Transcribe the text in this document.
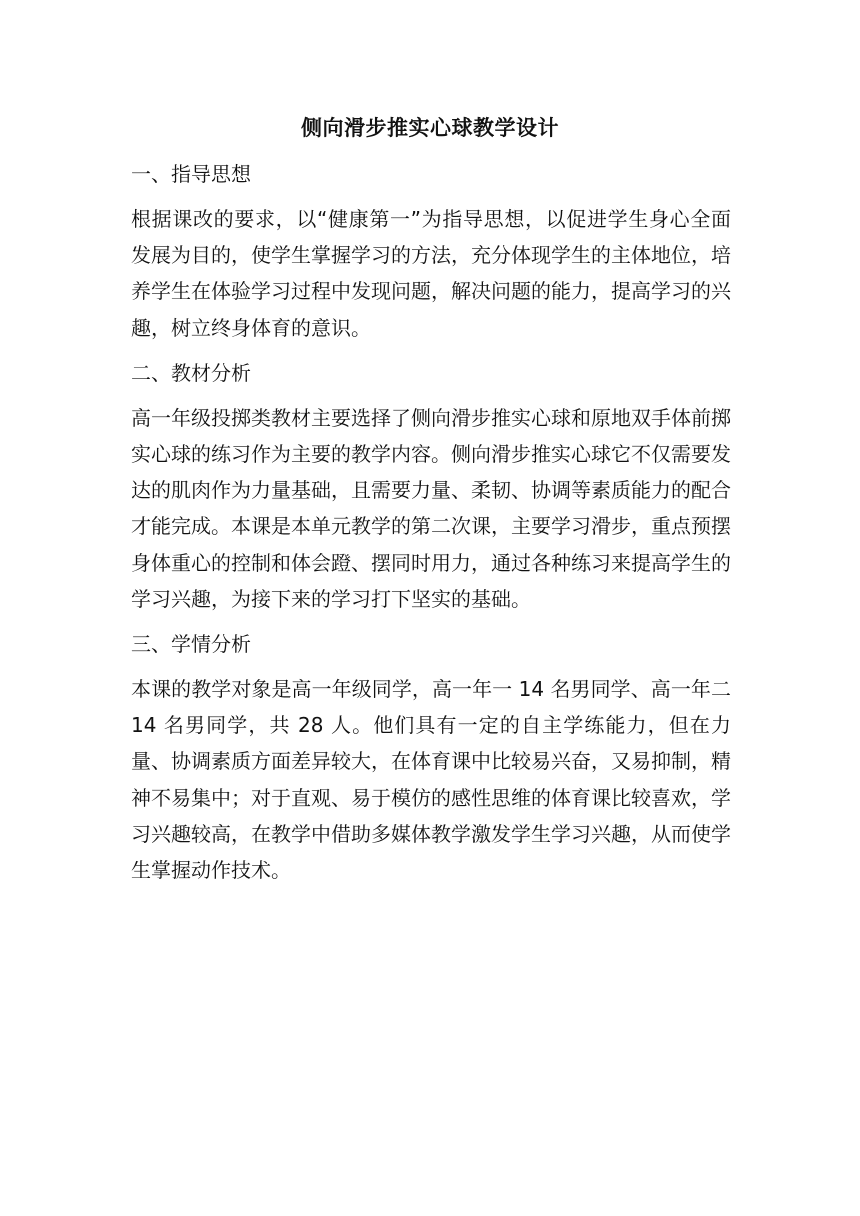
侧向滑步推实心球教学设计
一、指导思想
根据课改的要求，以“健康第一”为指导思想，以促进学生身心全面发展为目的，使学生掌握学习的方法，充分体现学生的主体地位，培养学生在体验学习过程中发现问题，解决问题的能力，提高学习的兴趣，树立终身体育的意识。
二、教材分析
高一年级投掷类教材主要选择了侧向滑步推实心球和原地双手体前掷实心球的练习作为主要的教学内容。侧向滑步推实心球它不仅需要发达的肌肉作为力量基础，且需要力量、柔韧、协调等素质能力的配合才能完成。本课是本单元教学的第二次课，主要学习滑步，重点预摆身体重心的控制和体会蹬、摆同时用力，通过各种练习来提高学生的学习兴趣，为接下来的学习打下坚实的基础。
三、学情分析
本课的教学对象是高一年级同学，高一年一 14 名男同学、高一年二 14 名男同学，共 28 人。他们具有一定的自主学练能力，但在力量、协调素质方面差异较大，在体育课中比较易兴奋，又易抑制，精神不易集中；对于直观、易于模仿的感性思维的体育课比较喜欢，学习兴趣较高，在教学中借助多媒体教学激发学生学习兴趣，从而使学生掌握动作技术。
